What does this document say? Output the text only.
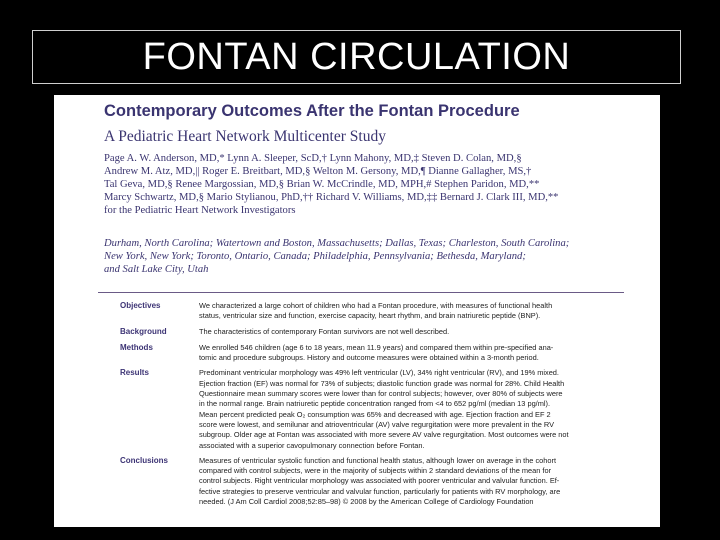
FONTAN CIRCULATION
Contemporary Outcomes After the Fontan Procedure
A Pediatric Heart Network Multicenter Study
Page A. W. Anderson, MD,* Lynn A. Sleeper, ScD,† Lynn Mahony, MD,‡ Steven D. Colan, MD,§
Andrew M. Atz, MD,|| Roger E. Breitbart, MD,§ Welton M. Gersony, MD,¶ Dianne Gallagher, MS,†
Tal Geva, MD,§ Renee Margossian, MD,§ Brian W. McCrindle, MD, MPH,# Stephen Paridon, MD,**
Marcy Schwartz, MD,§ Mario Stylianou, PhD,†† Richard V. Williams, MD,‡‡ Bernard J. Clark III, MD,**
for the Pediatric Heart Network Investigators
Durham, North Carolina; Watertown and Boston, Massachusetts; Dallas, Texas; Charleston, South Carolina;
New York, New York; Toronto, Ontario, Canada; Philadelphia, Pennsylvania; Bethesda, Maryland;
and Salt Lake City, Utah
Objectives	We characterized a large cohort of children who had a Fontan procedure, with measures of functional health
status, ventricular size and function, exercise capacity, heart rhythm, and brain natriuretic peptide (BNP).
Background	The characteristics of contemporary Fontan survivors are not well described.
Methods	We enrolled 546 children (age 6 to 18 years, mean 11.9 years) and compared them within pre-specified ana-
tomic and procedure subgroups. History and outcome measures were obtained within a 3-month period.
Results	Predominant ventricular morphology was 49% left ventricular (LV), 34% right ventricular (RV), and 19% mixed.
Ejection fraction (EF) was normal for 73% of subjects; diastolic function grade was normal for 28%. Child Health
Questionnaire mean summary scores were lower than for control subjects; however, over 80% of subjects were
in the normal range. Brain natriuretic peptide concentration ranged from <4 to 652 pg/ml (median 13 pg/ml).
Mean percent predicted peak O₂ consumption was 65% and decreased with age. Ejection fraction and EF 2
score were lowest, and semilunar and atrioventricular (AV) valve regurgitation were more prevalent in the RV
subgroup. Older age at Fontan was associated with more severe AV valve regurgitation. Most outcomes were not
associated with a superior cavopulmonary connection before Fontan.
Conclusions	Measures of ventricular systolic function and functional health status, although lower on average in the cohort
compared with control subjects, were in the majority of subjects within 2 standard deviations of the mean for
control subjects. Right ventricular morphology was associated with poorer ventricular and valvular function. Ef-
fective strategies to preserve ventricular and valvular function, particularly for patients with RV morphology, are
needed. (J Am Coll Cardiol 2008;52:85–98) © 2008 by the American College of Cardiology Foundation
